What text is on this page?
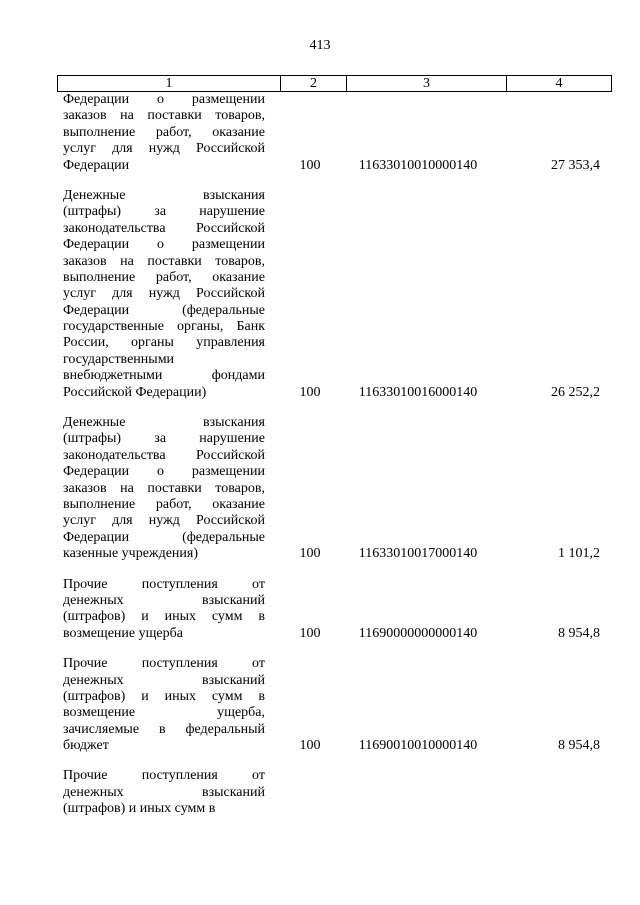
413
1	2	3	4
Федерации о размещении
заказов на поставки товаров,
выполнение работ, оказание
услуг для нужд Российской
Федерации	100	11633010010000140	27 353,4
Денежные взыскания
(штрафы) за нарушение
законодательства Российской
Федерации о размещении
заказов на поставки товаров,
выполнение работ, оказание
услуг для нужд Российской
Федерации (федеральные
государственные органы, Банк
России, органы управления
государственными
внебюджетными фондами
Российской Федерации)	100	11633010016000140	26 252,2
Денежные взыскания
(штрафы) за нарушение
законодательства Российской
Федерации о размещении
заказов на поставки товаров,
выполнение работ, оказание
услуг для нужд Российской
Федерации (федеральные
казенные учреждения)	100	11633010017000140	1 101,2
Прочие поступления от
денежных взысканий
(штрафов) и иных сумм в
возмещение ущерба	100	11690000000000140	8 954,8
Прочие поступления от
денежных взысканий
(штрафов) и иных сумм в
возмещение ущерба,
зачисляемые в федеральный
бюджет	100	11690010010000140	8 954,8
Прочие поступления от
денежных взысканий
(штрафов) и иных сумм в
